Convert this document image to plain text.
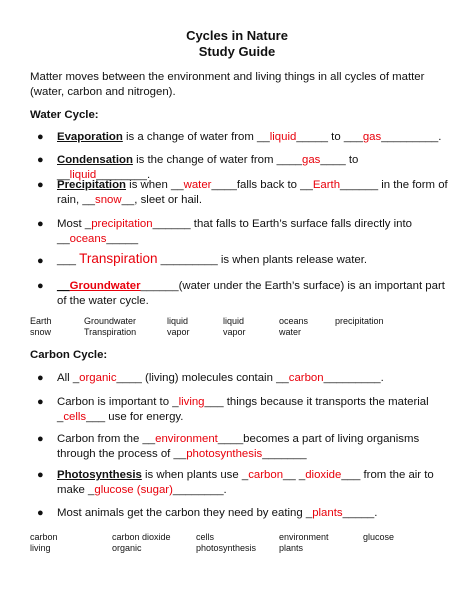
Cycles in Nature
Study Guide
Matter moves between the environment and living things in all cycles of matter (water, carbon and nitrogen).
Water Cycle:
● Evaporation is a change of water from __liquid_____ to ___gas_________.
● Condensation is the change of water from ____gas____ to __liquid________.
● Precipitation is when __water____falls back to __Earth______ in the form of rain, __snow__, sleet or hail.
● Most _precipitation______ that falls to Earth’s surface falls directly into __oceans_____
● ___ Transpiration _________ is when plants release water.
● __Groundwater______(water under the Earth’s surface) is an important part of the water cycle.
Earth
snow
Groundwater
Transpiration
liquid
vapor
liquid
vapor
oceans
water
precipitation
Carbon Cycle:
● All _organic____ (living) molecules contain __carbon_________.
● Carbon is important to _living___ things because it transports the material _cells___ use for energy.
● Carbon from the __environment____becomes a part of living organisms through the process of __photosynthesis_______
● Photosynthesis is when plants use _carbon__ _dioxide___ from the air to make _glucose (sugar)________.
● Most animals get the carbon they need by eating _plants_____.
carbon
living
carbon dioxide
organic
cells
photosynthesis
environment
plants
glucose
